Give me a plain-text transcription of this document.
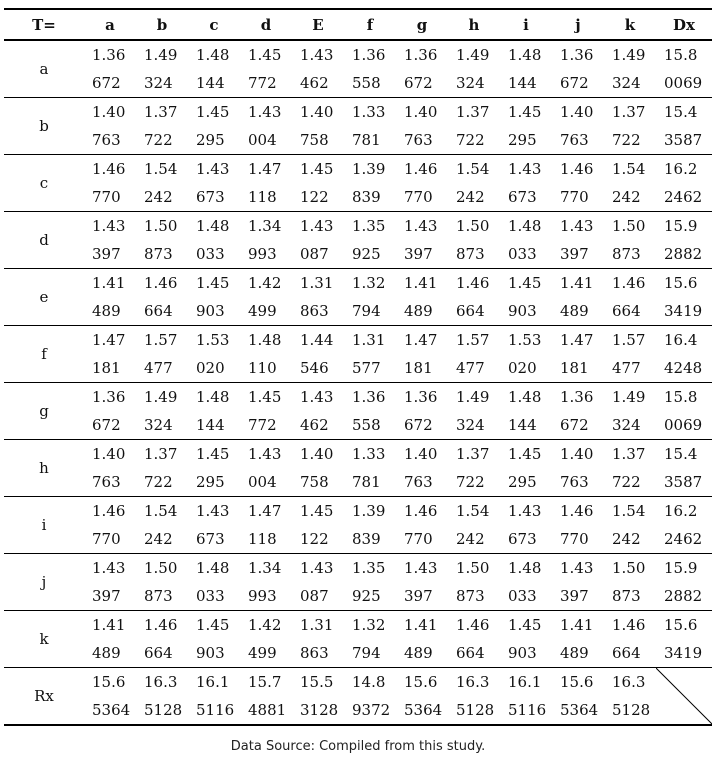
T=	a	b	c	d	E	f	g	h	i	j	k	Dx
a	1.36	1.49	1.48	1.45	1.43	1.36	1.36	1.49	1.48	1.36	1.49	15.8
	672	324	144	772	462	558	672	324	144	672	324	0069
b	1.40	1.37	1.45	1.43	1.40	1.33	1.40	1.37	1.45	1.40	1.37	15.4
	763	722	295	004	758	781	763	722	295	763	722	3587
c	1.46	1.54	1.43	1.47	1.45	1.39	1.46	1.54	1.43	1.46	1.54	16.2
	770	242	673	118	122	839	770	242	673	770	242	2462
d	1.43	1.50	1.48	1.34	1.43	1.35	1.43	1.50	1.48	1.43	1.50	15.9
	397	873	033	993	087	925	397	873	033	397	873	2882
e	1.41	1.46	1.45	1.42	1.31	1.32	1.41	1.46	1.45	1.41	1.46	15.6
	489	664	903	499	863	794	489	664	903	489	664	3419
f	1.47	1.57	1.53	1.48	1.44	1.31	1.47	1.57	1.53	1.47	1.57	16.4
	181	477	020	110	546	577	181	477	020	181	477	4248
g	1.36	1.49	1.48	1.45	1.43	1.36	1.36	1.49	1.48	1.36	1.49	15.8
	672	324	144	772	462	558	672	324	144	672	324	0069
h	1.40	1.37	1.45	1.43	1.40	1.33	1.40	1.37	1.45	1.40	1.37	15.4
	763	722	295	004	758	781	763	722	295	763	722	3587
i	1.46	1.54	1.43	1.47	1.45	1.39	1.46	1.54	1.43	1.46	1.54	16.2
	770	242	673	118	122	839	770	242	673	770	242	2462
j	1.43	1.50	1.48	1.34	1.43	1.35	1.43	1.50	1.48	1.43	1.50	15.9
	397	873	033	993	087	925	397	873	033	397	873	2882
k	1.41	1.46	1.45	1.42	1.31	1.32	1.41	1.46	1.45	1.41	1.46	15.6
	489	664	903	499	863	794	489	664	903	489	664	3419
Rx	15.6	16.3	16.1	15.7	15.5	14.8	15.6	16.3	16.1	15.6	16.3	

	5364	5128	5116	4881	3128	9372	5364	5128	5116	5364	5128	
Data Source: Compiled from this study.
